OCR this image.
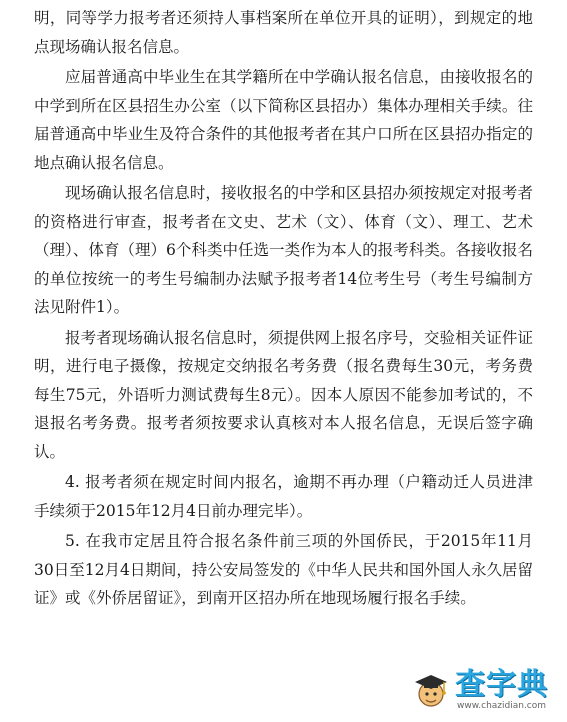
明，同等学力报考者还须持人事档案所在单位开具的证明），到规定的地点现场确认报名信息。

应届普通高中毕业生在其学籍所在中学确认报名信息，由接收报名的中学到所在区县招生办公室（以下简称区县招办）集体办理相关手续。往届普通高中毕业生及符合条件的其他报考者在其户口所在区县招办指定的地点确认报名信息。

现场确认报名信息时，接收报名的中学和区县招办须按规定对报考者的资格进行审查，报考者在文史、艺术（文）、体育（文）、理工、艺术（理）、体育（理）6个科类中任选一类作为本人的报考科类。各接收报名的单位按统一的考生号编制办法赋予报考者14位考生号（考生号编制方法见附件1）。

报考者现场确认报名信息时，须提供网上报名序号，交验相关证件证明，进行电子摄像，按规定交纳报名考务费（报名费每生30元，考务费每生75元，外语听力测试费每生8元）。因本人原因不能参加考试的，不退报名考务费。报考者须按要求认真核对本人报名信息，无误后签字确认。

4. 报考者须在规定时间内报名，逾期不再办理（户籍动迁人员进津手续须于2015年12月4日前办理完毕）。

5. 在我市定居且符合报名条件前三项的外国侨民，于2015年11月30日至12月4日期间，持公安局签发的《中华人民共和国外国人永久居留证》或《外侨居留证》，到南开区招办所在地现场履行报名手续。

查字典
www.chazidian.com
